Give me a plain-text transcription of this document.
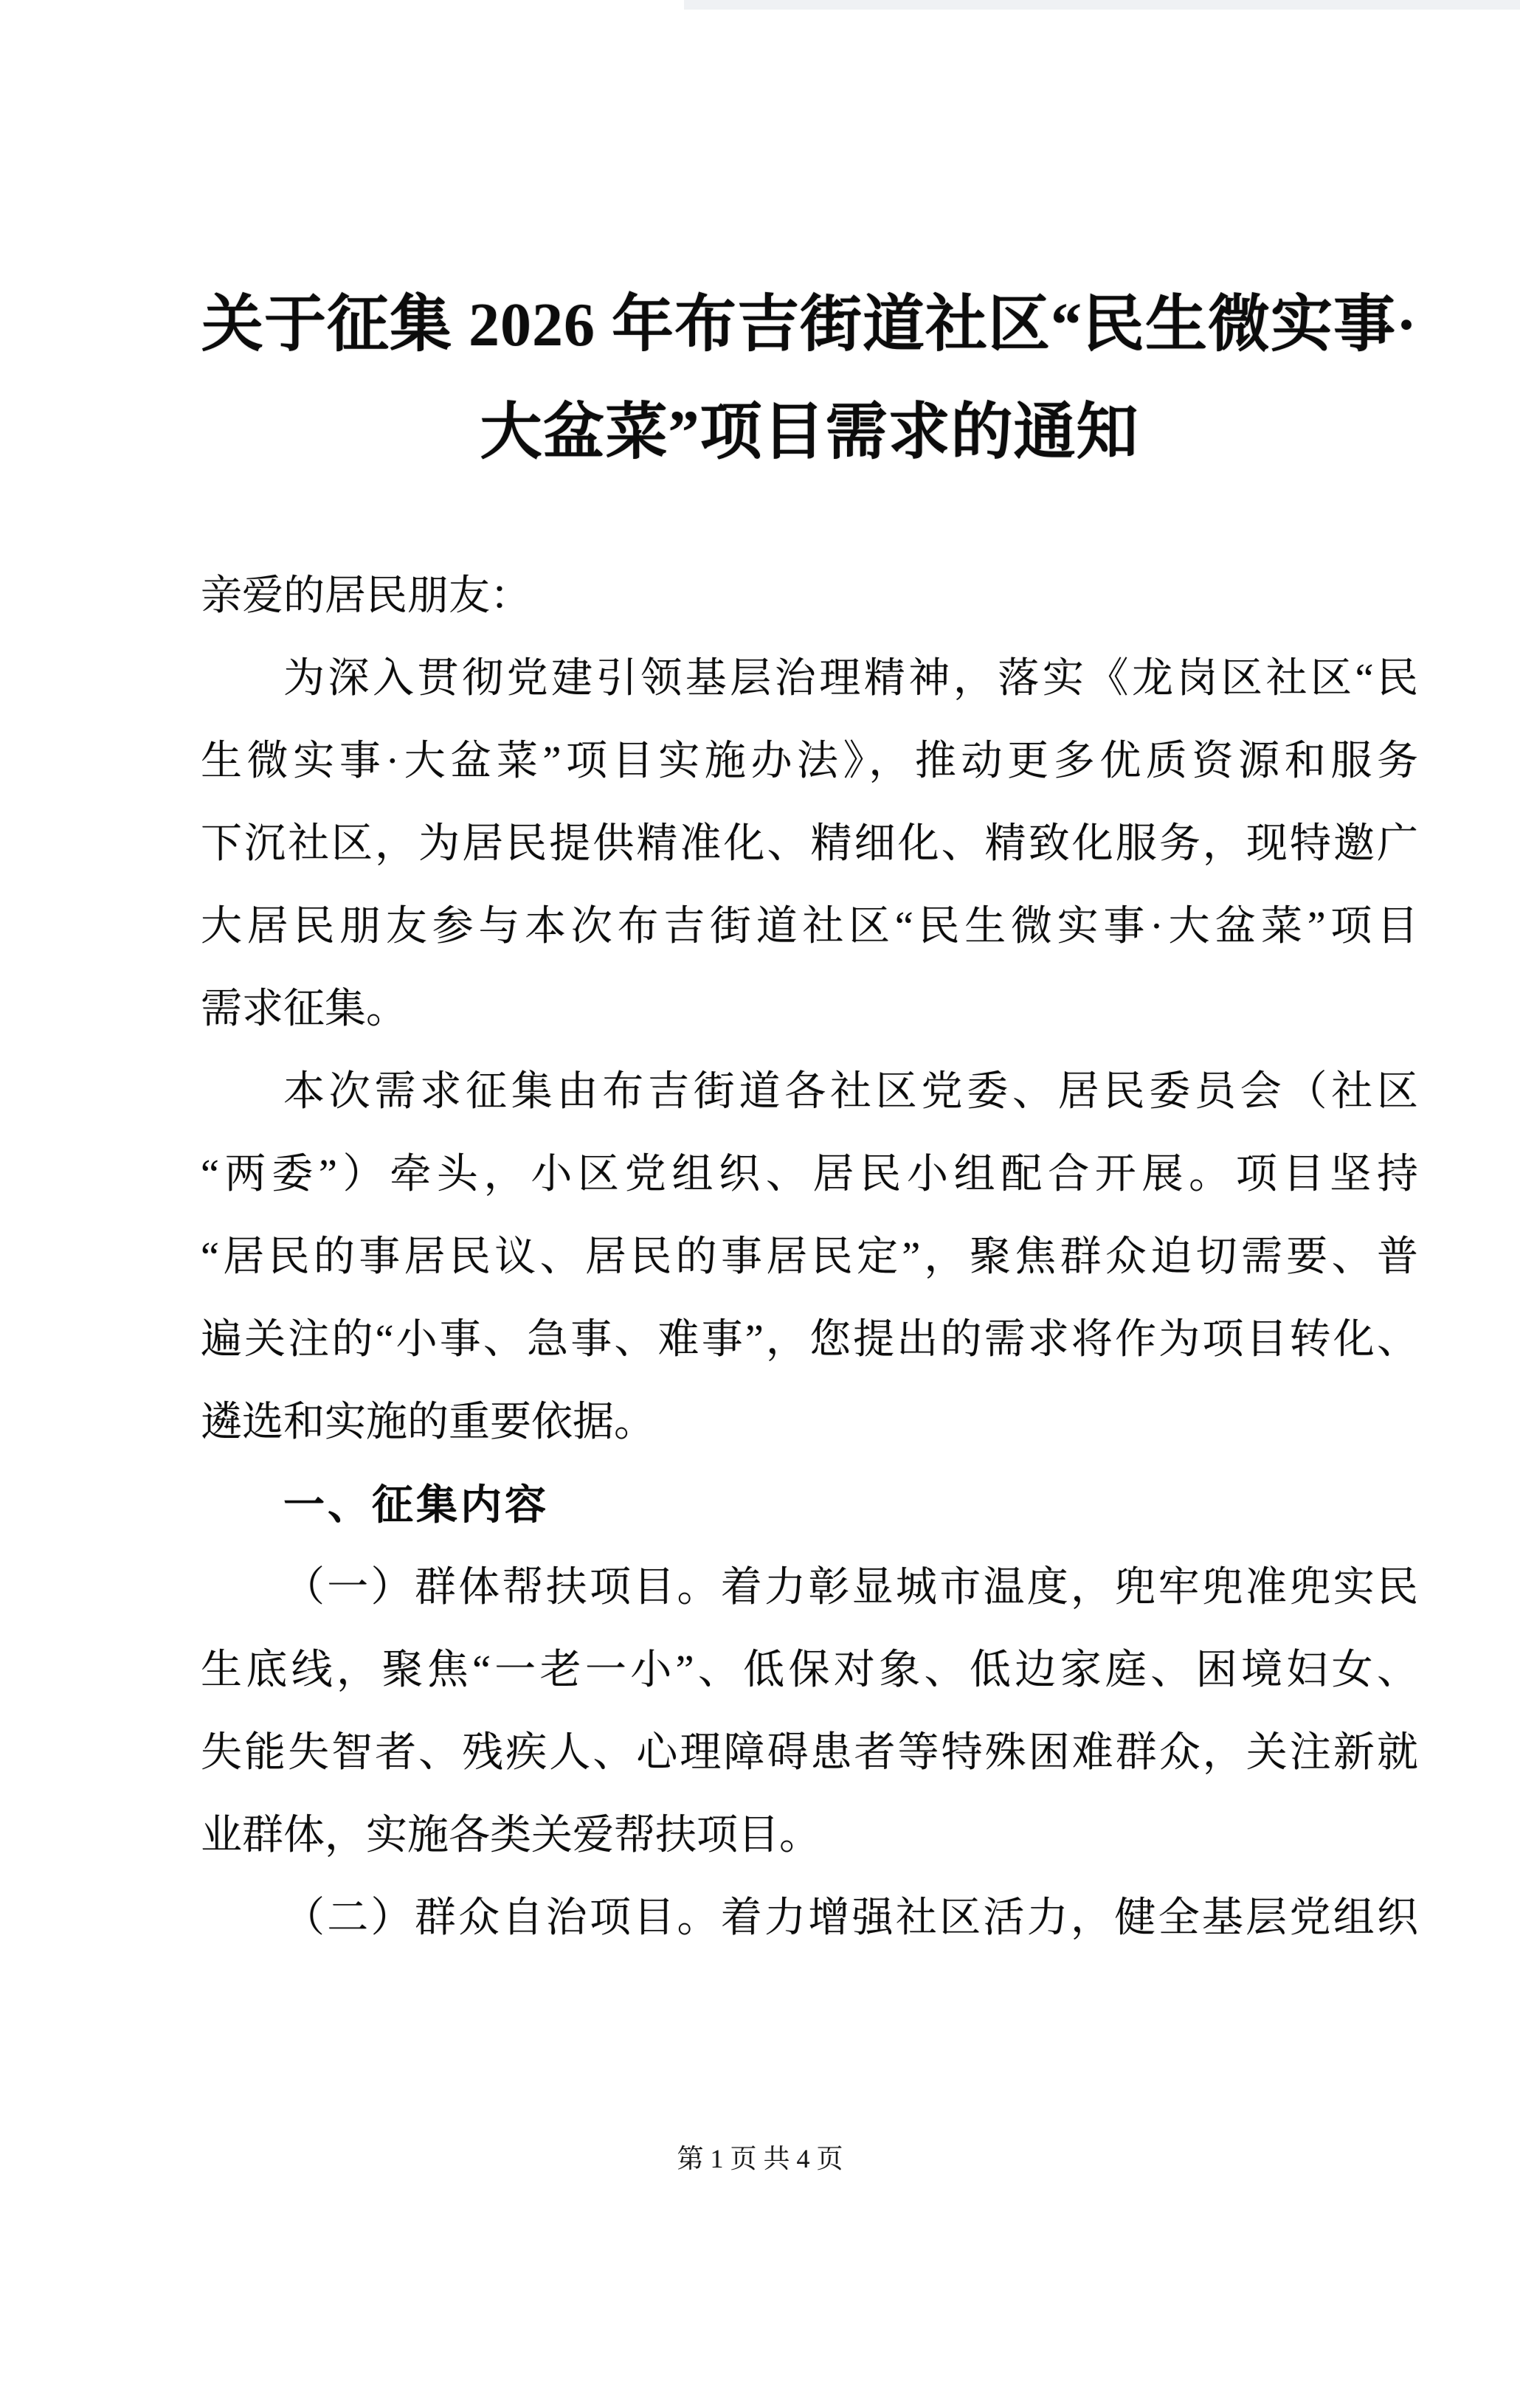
关于征集 2026 年布吉街道社区“民生微实事·
大盆菜”项目需求的通知
亲爱的居民朋友：
为深入贯彻党建引领基层治理精神，落实《龙岗区社区“民
生微实事·大盆菜”项目实施办法》，推动更多优质资源和服务
下沉社区，为居民提供精准化、精细化、精致化服务，现特邀广
大居民朋友参与本次布吉街道社区“民生微实事·大盆菜”项目
需求征集。
本次需求征集由布吉街道各社区党委、居民委员会（社区
“两委”）牵头，小区党组织、居民小组配合开展。项目坚持
“居民的事居民议、居民的事居民定”，聚焦群众迫切需要、普
遍关注的“小事、急事、难事”，您提出的需求将作为项目转化、
遴选和实施的重要依据。
一、征集内容
（一）群体帮扶项目。着力彰显城市温度，兜牢兜准兜实民
生底线，聚焦“一老一小”、低保对象、低边家庭、困境妇女、
失能失智者、残疾人、心理障碍患者等特殊困难群众，关注新就
业群体，实施各类关爱帮扶项目。
（二）群众自治项目。着力增强社区活力，健全基层党组织
第 1 页 共 4 页
